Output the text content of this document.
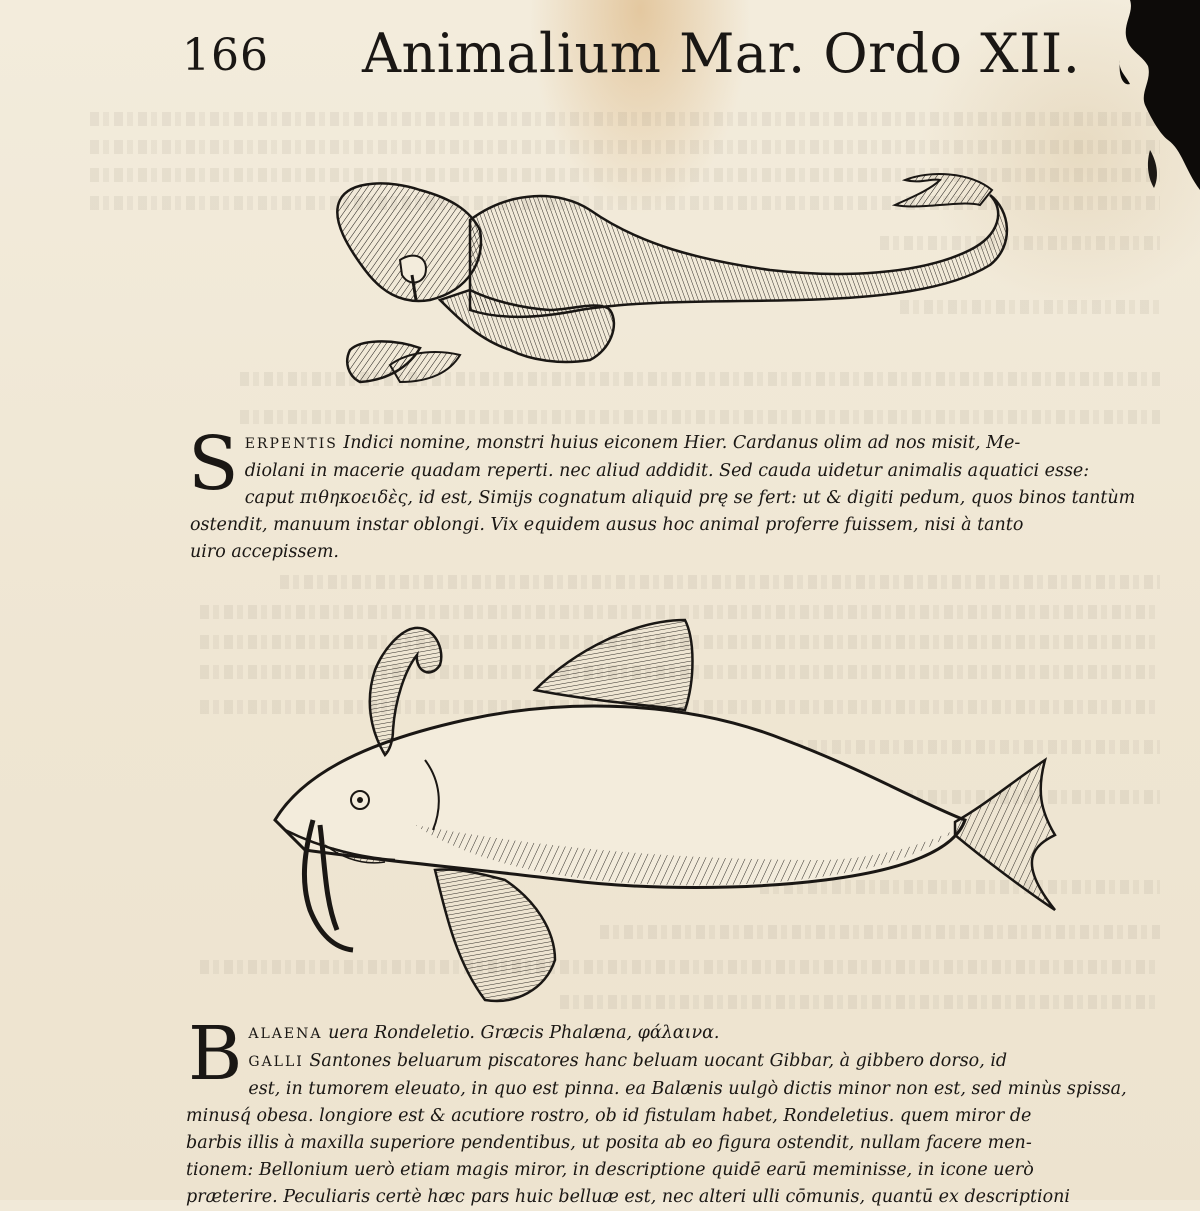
166 Animalium Mar. Ordo XII.
S ERPENTIS Indici nomine, monstri huius eiconem Hier. Cardanus olim ad nos misit, Me-

diolani in macerie quadam reperti. nec aliud addidit. Sed cauda uidetur animalis aquatici esse:

caput πιθηκοειδὲς, id est, Simijs cognatum aliquid prę se fert: ut & digiti pedum, quos binos tantùm

ostendit, manuum instar oblongi. Vix equidem ausus hoc animal proferre fuissem, nisi à tanto

uiro accepissem.

B ALAENA uera Rondeletio. Græcis Phalæna, φάλαινα.

GALLI Santones beluarum piscatores hanc beluam uocant Gibbar, à gibbero dorso, id

est, in tumorem eleuato, in quo est pinna. ea Balænis uulgò dictis minor non est, sed minùs spissa,

minusq́ obesa. longiore est & acutiore rostro, ob id fistulam habet, Rondeletius. quem miror de

barbis illis à maxilla superiore pendentibus, ut posita ab eo figura ostendit, nullam facere men-

tionem: Bellonium uerò etiam magis miror, in descriptione quidē earū meminisse, in icone uerò

præterire. Peculiaris certè hæc pars huic belluæ est, nec alteri ulli cōmunis, quantū ex descriptioni
